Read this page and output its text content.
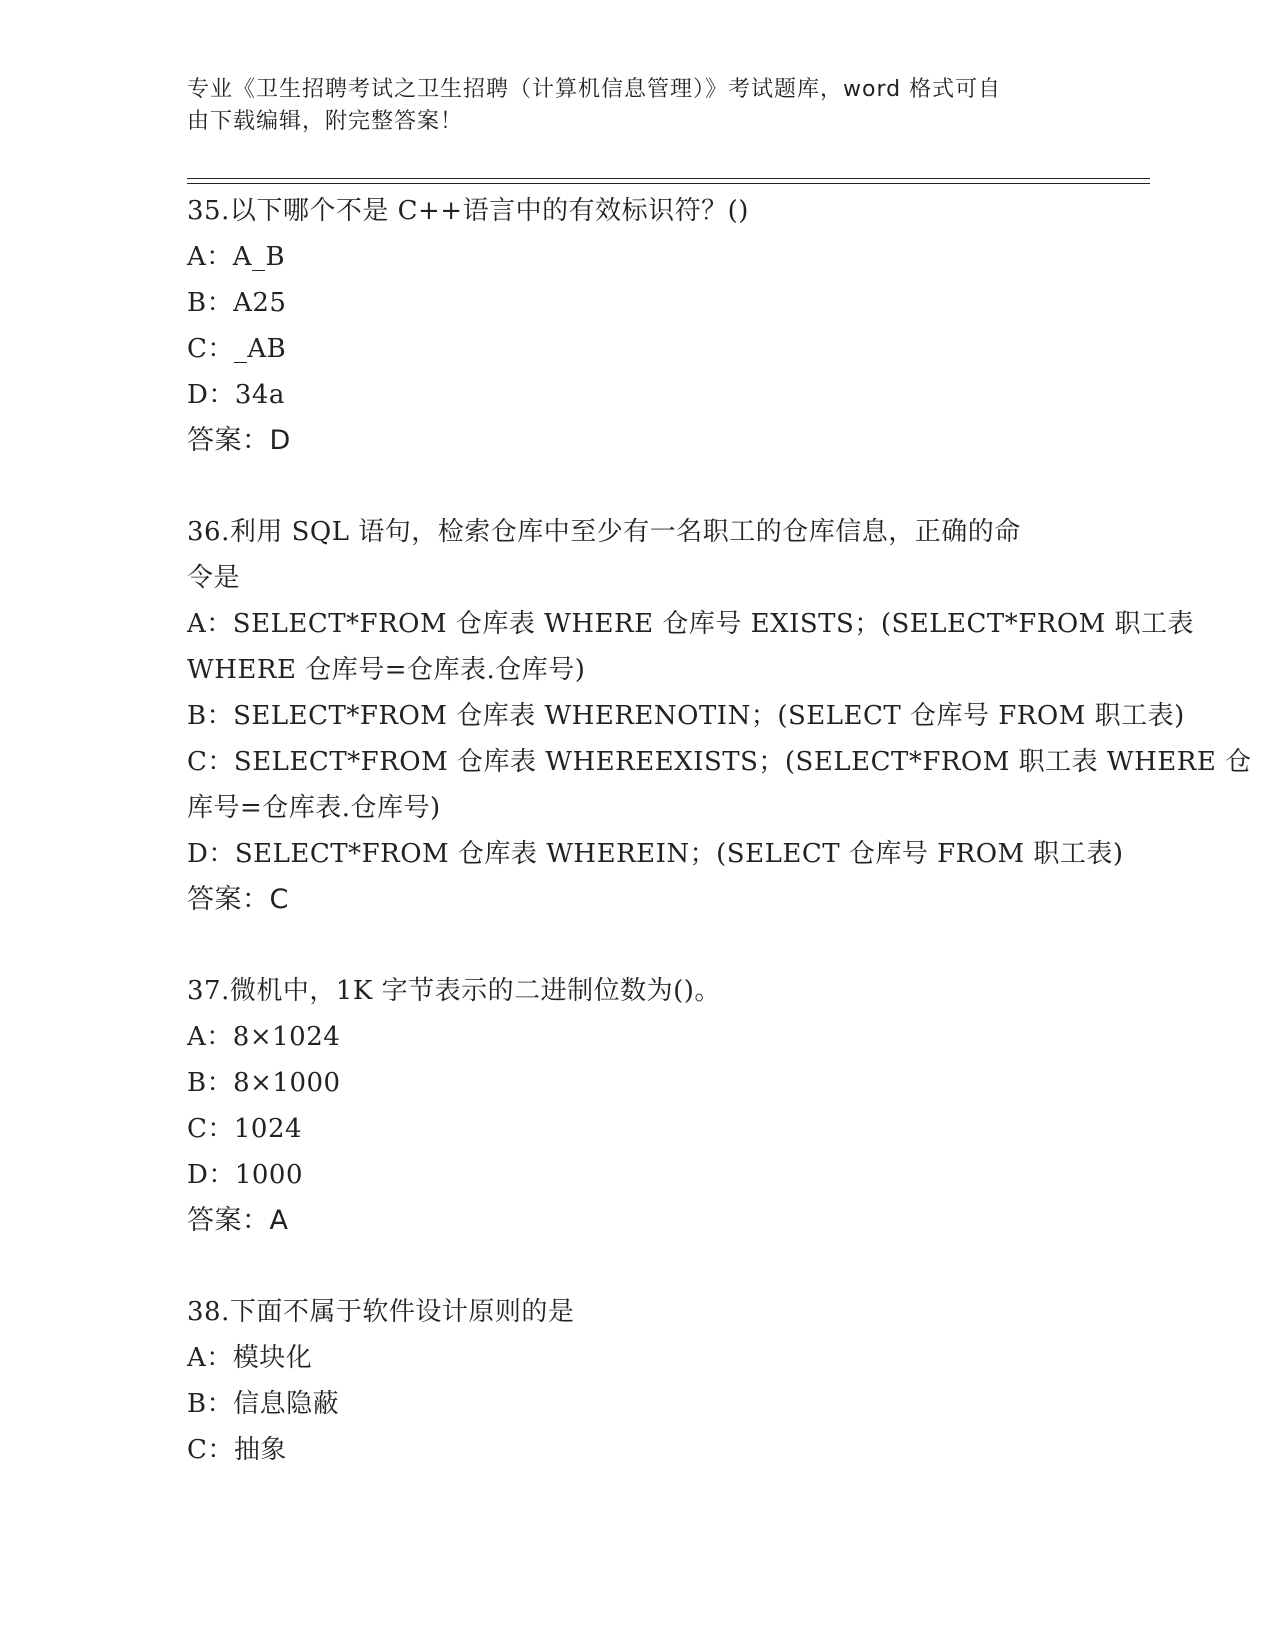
专业《卫生招聘考试之卫生招聘（计算机信息管理）》考试题库，word 格式可自
由下载编辑，附完整答案！
35.以下哪个不是 C++语言中的有效标识符？()
A：A_B
B：A25
C：_AB
D：34a
答案：D
36.利用 SQL 语句，检索仓库中至少有一名职工的仓库信息，正确的命
令是
A：SELECT*FROM 仓库表 WHERE 仓库号 EXISTS；(SELECT*FROM 职工表
WHERE 仓库号=仓库表.仓库号)
B：SELECT*FROM 仓库表 WHERENOTIN；(SELECT 仓库号 FROM 职工表)
C：SELECT*FROM 仓库表 WHEREEXISTS；(SELECT*FROM 职工表 WHERE 仓
库号=仓库表.仓库号)
D：SELECT*FROM 仓库表 WHEREIN；(SELECT 仓库号 FROM 职工表)
答案：C
37.微机中，1K 字节表示的二进制位数为()。
A：8×1024
B：8×1000
C：1024
D：1000
答案：A
38.下面不属于软件设计原则的是
A：模块化
B：信息隐蔽
C：抽象
